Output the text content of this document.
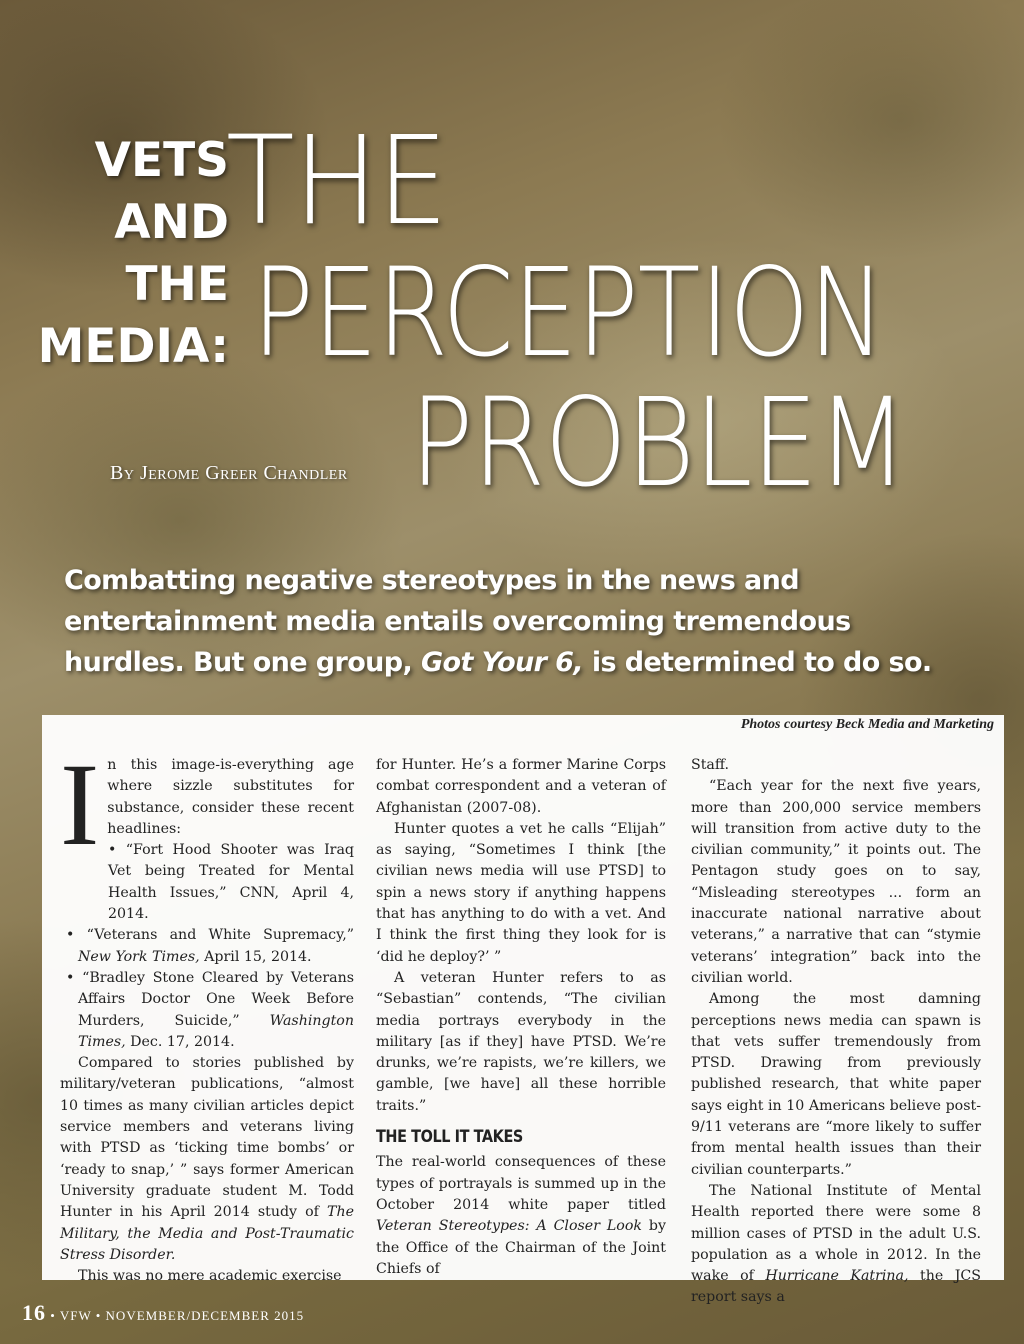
VETS
AND
THE
MEDIA:
THE
PERCEPTION
PROBLEM
By Jerome Greer Chandler
Combatting negative stereotypes in the news and entertainment media entails overcoming tremendous hurdles. But one group, Got Your 6, is determined to do so.
Photos courtesy Beck Media and Marketing

In this image-is-everything age where sizzle substitutes for substance, consider these recent headlines:

• “Fort Hood Shooter was Iraq Vet being Treated for Mental Health Issues,” CNN, April 4, 2014.

• “Veterans and White Supremacy,” New York Times, April 15, 2014.

• “Bradley Stone Cleared by Veterans Affairs Doctor One Week Before Murders, Suicide,” Washington Times, Dec. 17, 2014.

Compared to stories published by military/veteran publications, “almost 10 times as many civilian articles depict service members and veterans living with PTSD as ‘ticking time bombs’ or ‘ready to snap,’ ” says former American University graduate student M. Todd Hunter in his April 2014 study of The Military, the Media and Post-Traumatic Stress Disorder.

This was no mere academic exercise

for Hunter. He’s a former Marine Corps combat correspondent and a veteran of Afghanistan (2007-08).

Hunter quotes a vet he calls “Elijah” as saying, “Sometimes I think [the civilian news media will use PTSD] to spin a news story if anything happens that has anything to do with a vet. And I think the first thing they look for is ‘did he deploy?’ ”

A veteran Hunter refers to as “Sebastian” contends, “The civilian media portrays everybody in the military [as if they] have PTSD. We’re drunks, we’re rapists, we’re killers, we gamble, [we have] all these horrible traits.”

THE TOLL IT TAKES

The real-world consequences of these types of portrayals is summed up in the October 2014 white paper titled Veteran Stereotypes: A Closer Look by the Office of the Chairman of the Joint Chiefs of

Staff.

“Each year for the next five years, more than 200,000 service members will transition from active duty to the civilian community,” it points out. The Pentagon study goes on to say, “Misleading stereotypes ... form an inaccurate national narrative about veterans,” a narrative that can “stymie veterans’ integration” back into the civilian world.

Among the most damning perceptions news media can spawn is that vets suffer tremendously from PTSD. Drawing from previously published research, that white paper says eight in 10 Americans believe post-9/11 veterans are “more likely to suffer from mental health issues than their civilian counterparts.”

The National Institute of Mental Health reported there were some 8 million cases of PTSD in the adult U.S. population as a whole in 2012. In the wake of Hurricane Katrina, the JCS report says a

16 • VFW • NOVEMBER/DECEMBER 2015
